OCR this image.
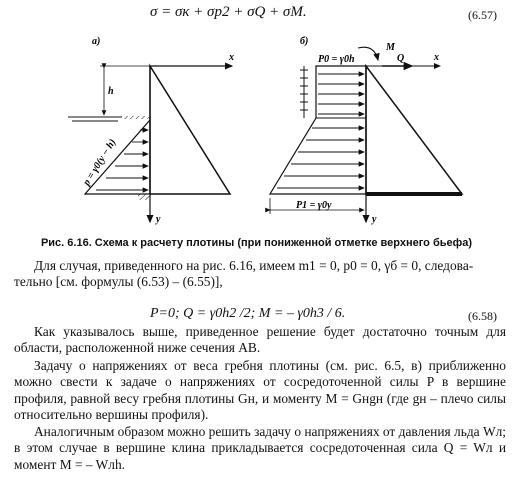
σ = σк + σp2 + σQ + σM.	(6.57)
a)
x
y
h
p = γ0(y − h)
б)
M
Q	x
y
P0 = γ0h
P1 = γ0y
Рис. 6.16. Схема к расчету плотины (при пониженной отметке верхнего бьефа)

Для случая, приведенного на рис. 6.16, имеем m1 = 0, p0 = 0, γб = 0, следова-

тельно [см. формулы (6.53) – (6.55)],

P=0; Q = γ0h2 /2; M = – γ0h3 / 6.	(6.58)

Как указывалось выше, приведенное решение будет достаточно точным для области, расположенной ниже сечения AB.

Задачу о напряжениях от веса гребня плотины (см. рис. 6.5, в) приближенно можно свести к задаче о напряжениях от сосредоточенной силы P в вершине профиля, равной весу гребня плотины Gн, и моменту M = Gнgн (где gн – плечо силы относительно вершины профиля).

Аналогичным образом можно решить задачу о напряжениях от давления льда Wл; в этом случае в вершине клина прикладывается сосредоточенная сила Q = Wл и момент M = – Wлh.
